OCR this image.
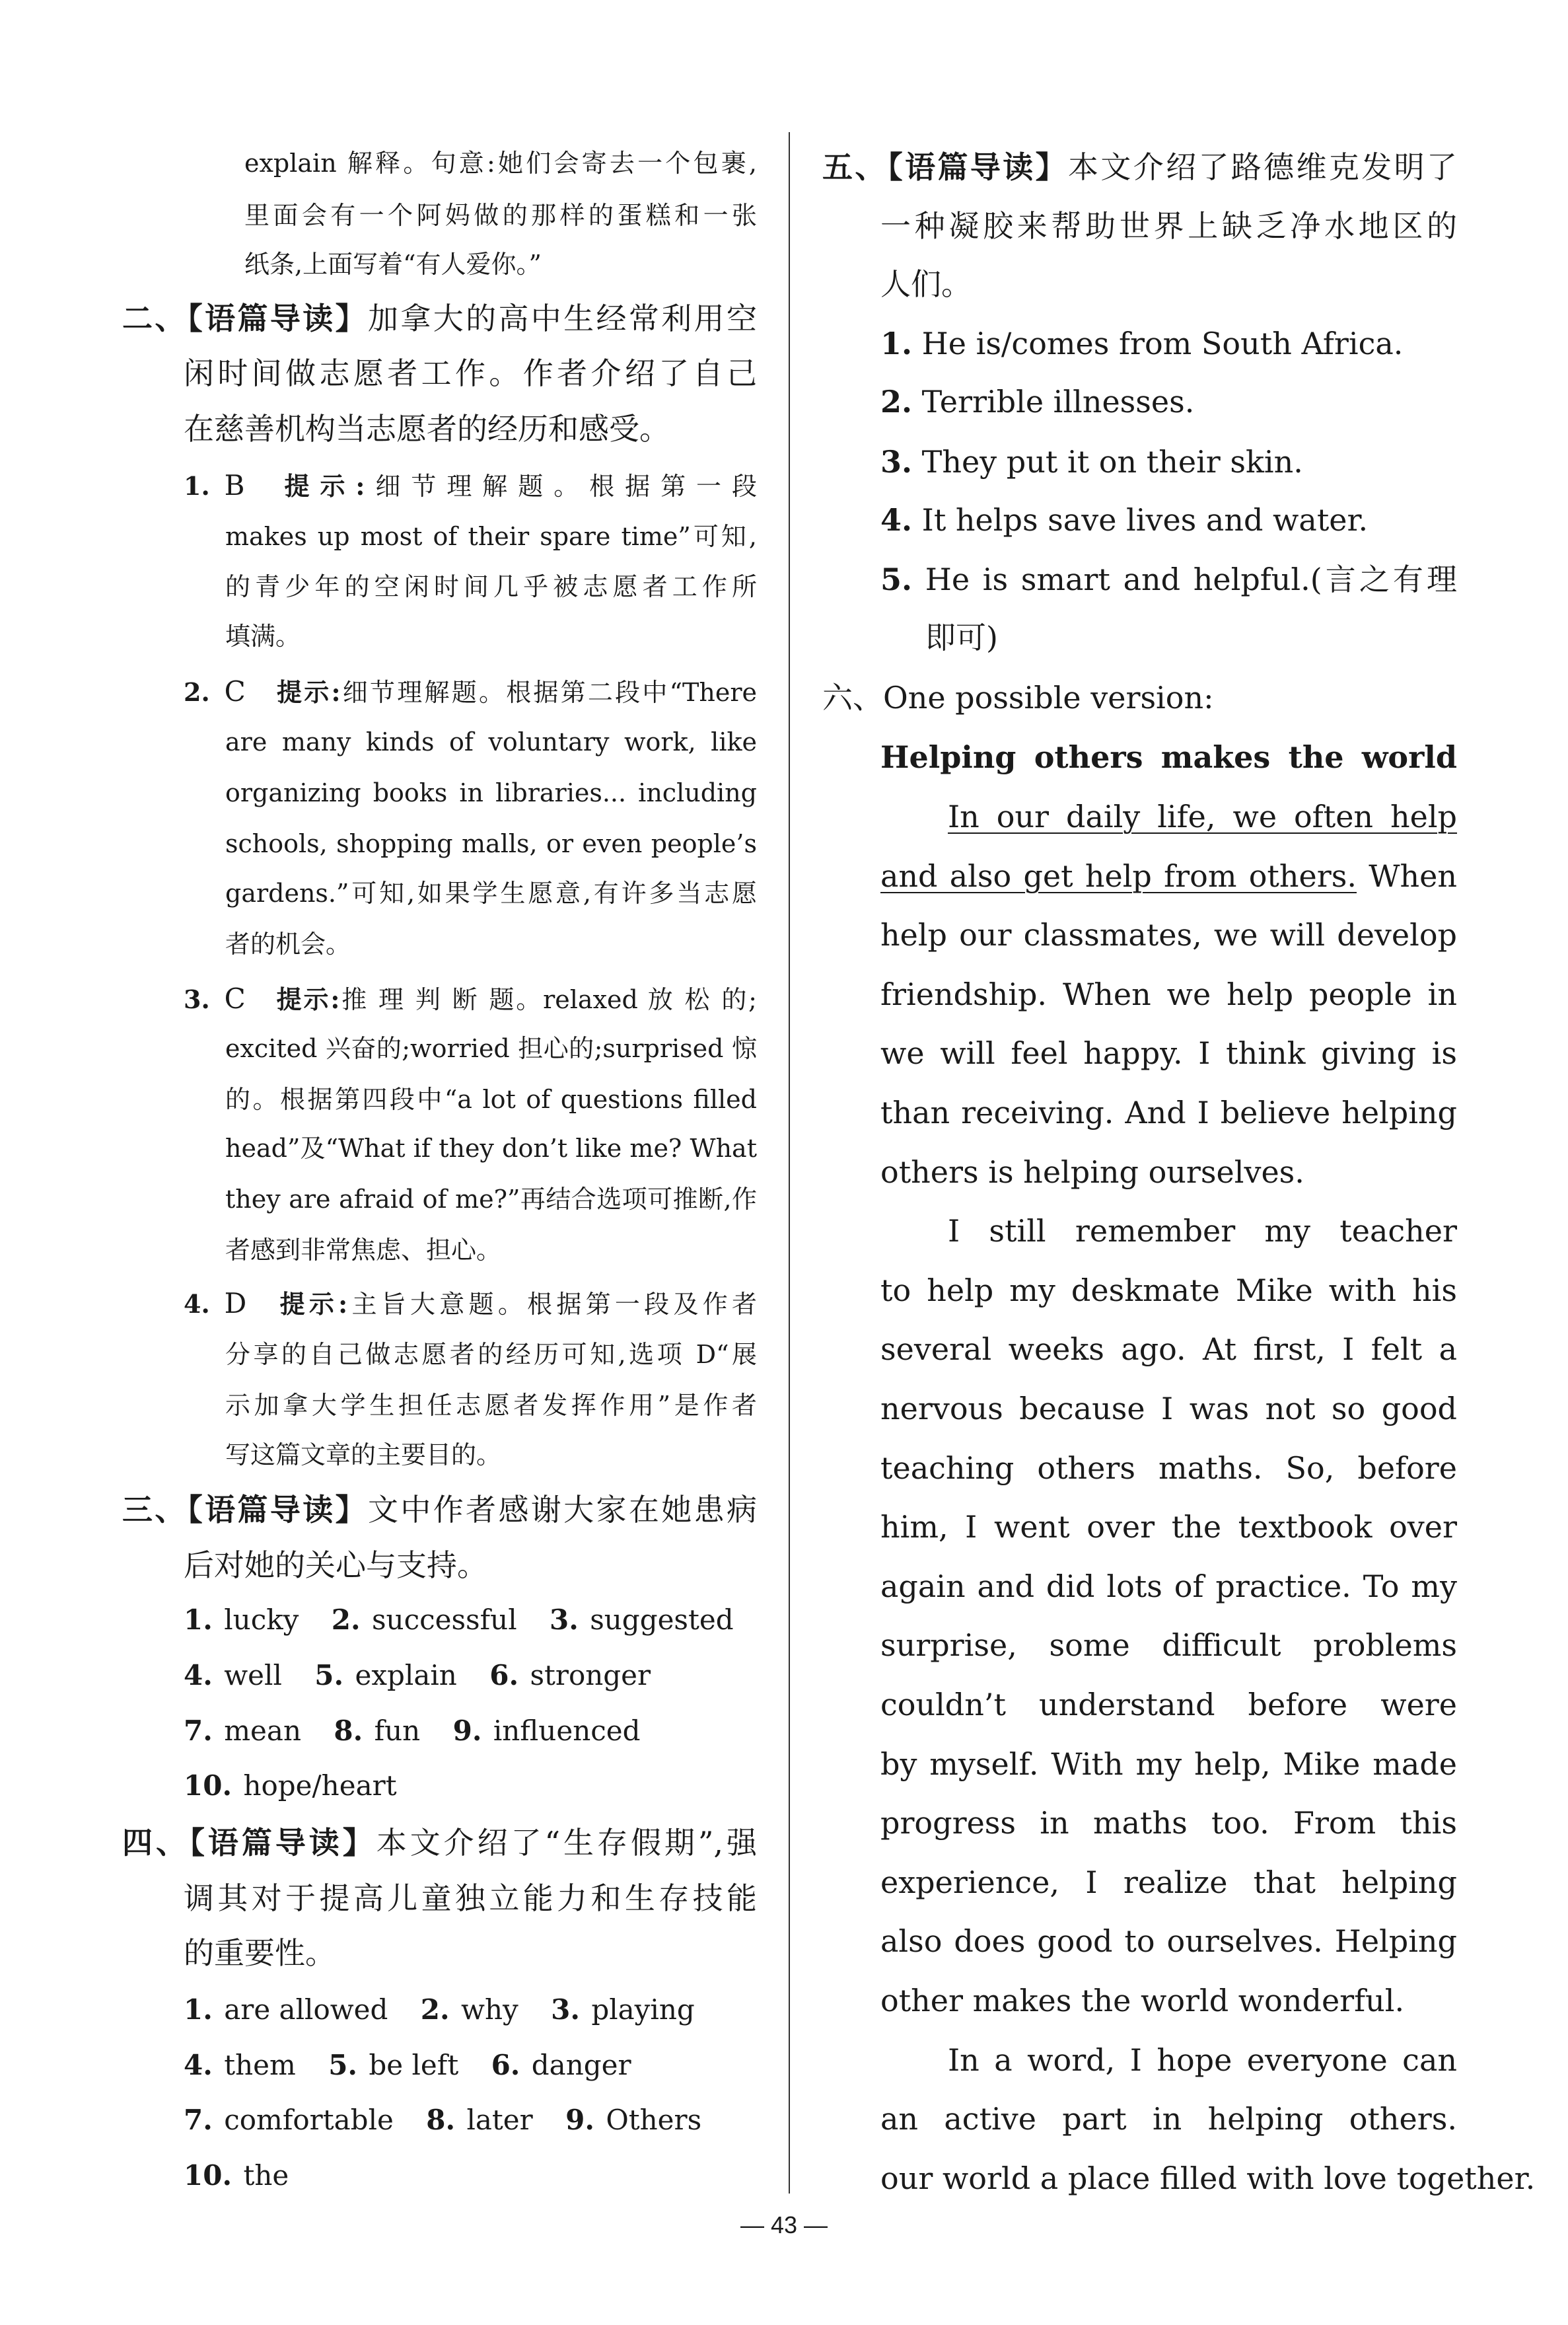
explain 解释。句意:她们会寄去一个包裹,
里面会有一个阿妈做的那样的蛋糕和一张
纸条,上面写着“有人爱你。”
二、【语篇导读】加拿大的高中生经常利用空
闲时间做志愿者工作。作者介绍了自己
在慈善机构当志愿者的经历和感受。
1. B 提示:细节理解题。根据第一段
makes up most of their spare time”可知,
的青少年的空闲时间几乎被志愿者工作所
填满。
2. C 提示:细节理解题。根据第二段中“There
are many kinds of voluntary work, like
organizing books in libraries... including
schools, shopping malls, or even people’s
gardens.”可知,如果学生愿意,有许多当志愿
者的机会。
3. C 提示:推 理 判 断 题。relaxed 放 松 的;
excited 兴奋的;worried 担心的;surprised 惊
的。根据第四段中“a lot of questions filled
head”及“What if they don’t like me? What
they are afraid of me?”再结合选项可推断,作
者感到非常焦虑、担心。
4. D 提示:主旨大意题。根据第一段及作者
分享的自己做志愿者的经历可知,选项 D“展
示加拿大学生担任志愿者发挥作用”是作者
写这篇文章的主要目的。
三、【语篇导读】文中作者感谢大家在她患病
后对她的关心与支持。
1. lucky 2. successful 3. suggested
4. well 5. explain 6. stronger
7. mean 8. fun 9. influenced
10. hope/heart
四、【语篇导读】本文介绍了“生存假期”,强
调其对于提高儿童独立能力和生存技能
的重要性。
1. are allowed 2. why 3. playing
4. them 5. be left 6. danger
7. comfortable 8. later 9. Others
10. the
五、【语篇导读】本文介绍了路德维克发明了
一种凝胶来帮助世界上缺乏净水地区的
人们。
1. He is/comes from South Africa.
2. Terrible illnesses.
3. They put it on their skin.
4. It helps save lives and water.
5. He is smart and helpful.(言之有理
即可)
六、One possible version:
Helping others makes the world
In our daily life, we often help
and also get help from others. When
help our classmates, we will develop
friendship. When we help people in
we will feel happy. I think giving is
than receiving. And I believe helping
others is helping ourselves.
I still remember my teacher
to help my deskmate Mike with his
several weeks ago. At first, I felt a
nervous because I was not so good
teaching others maths. So, before
him, I went over the textbook over
again and did lots of practice. To my
surprise, some difficult problems
couldn’t understand before were
by myself. With my help, Mike made
progress in maths too. From this
experience, I realize that helping
also does good to ourselves. Helping
other makes the world wonderful.
In a word, I hope everyone can
an active part in helping others.
our world a place filled with love together.
— 43 —
